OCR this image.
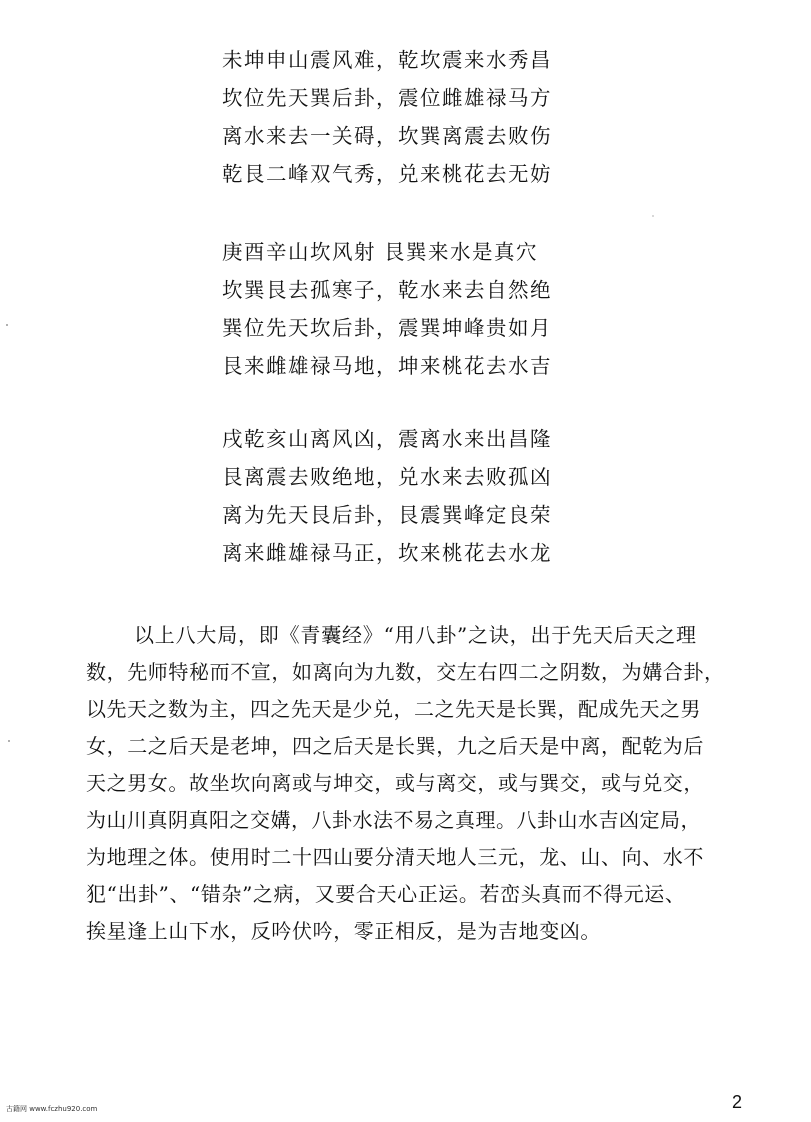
未坤申山震风难，乾坎震来水秀昌
坎位先天巽后卦，震位雌雄禄马方
离水来去一关碍，坎巽离震去败伤
乾艮二峰双气秀，兑来桃花去无妨
庚酉辛山坎风射 艮巽来水是真穴
坎巽艮去孤寒子，乾水来去自然绝
巽位先天坎后卦，震巽坤峰贵如月
艮来雌雄禄马地，坤来桃花去水吉
戌乾亥山离风凶，震离水来出昌隆
艮离震去败绝地，兑水来去败孤凶
离为先天艮后卦，艮震巽峰定良荣
离来雌雄禄马正，坎来桃花去水龙
以上八大局，即《青囊经》“用八卦”之诀，出于先天后天之理
数，先师特秘而不宣，如离向为九数，交左右四二之阴数，为媾合卦，
以先天之数为主，四之先天是少兑，二之先天是长巽，配成先天之男
女，二之后天是老坤，四之后天是长巽，九之后天是中离，配乾为后
天之男女。故坐坎向离或与坤交，或与离交，或与巽交，或与兑交，
为山川真阴真阳之交媾，八卦水法不易之真理。八卦山水吉凶定局，
为地理之体。使用时二十四山要分清天地人三元，龙、山、向、水不
犯“出卦”、“错杂”之病，又要合天心正运。若峦头真而不得元运、
挨星逢上山下水，反吟伏吟，零正相反，是为吉地变凶。
古籍网 www.fczhu920.com	2
